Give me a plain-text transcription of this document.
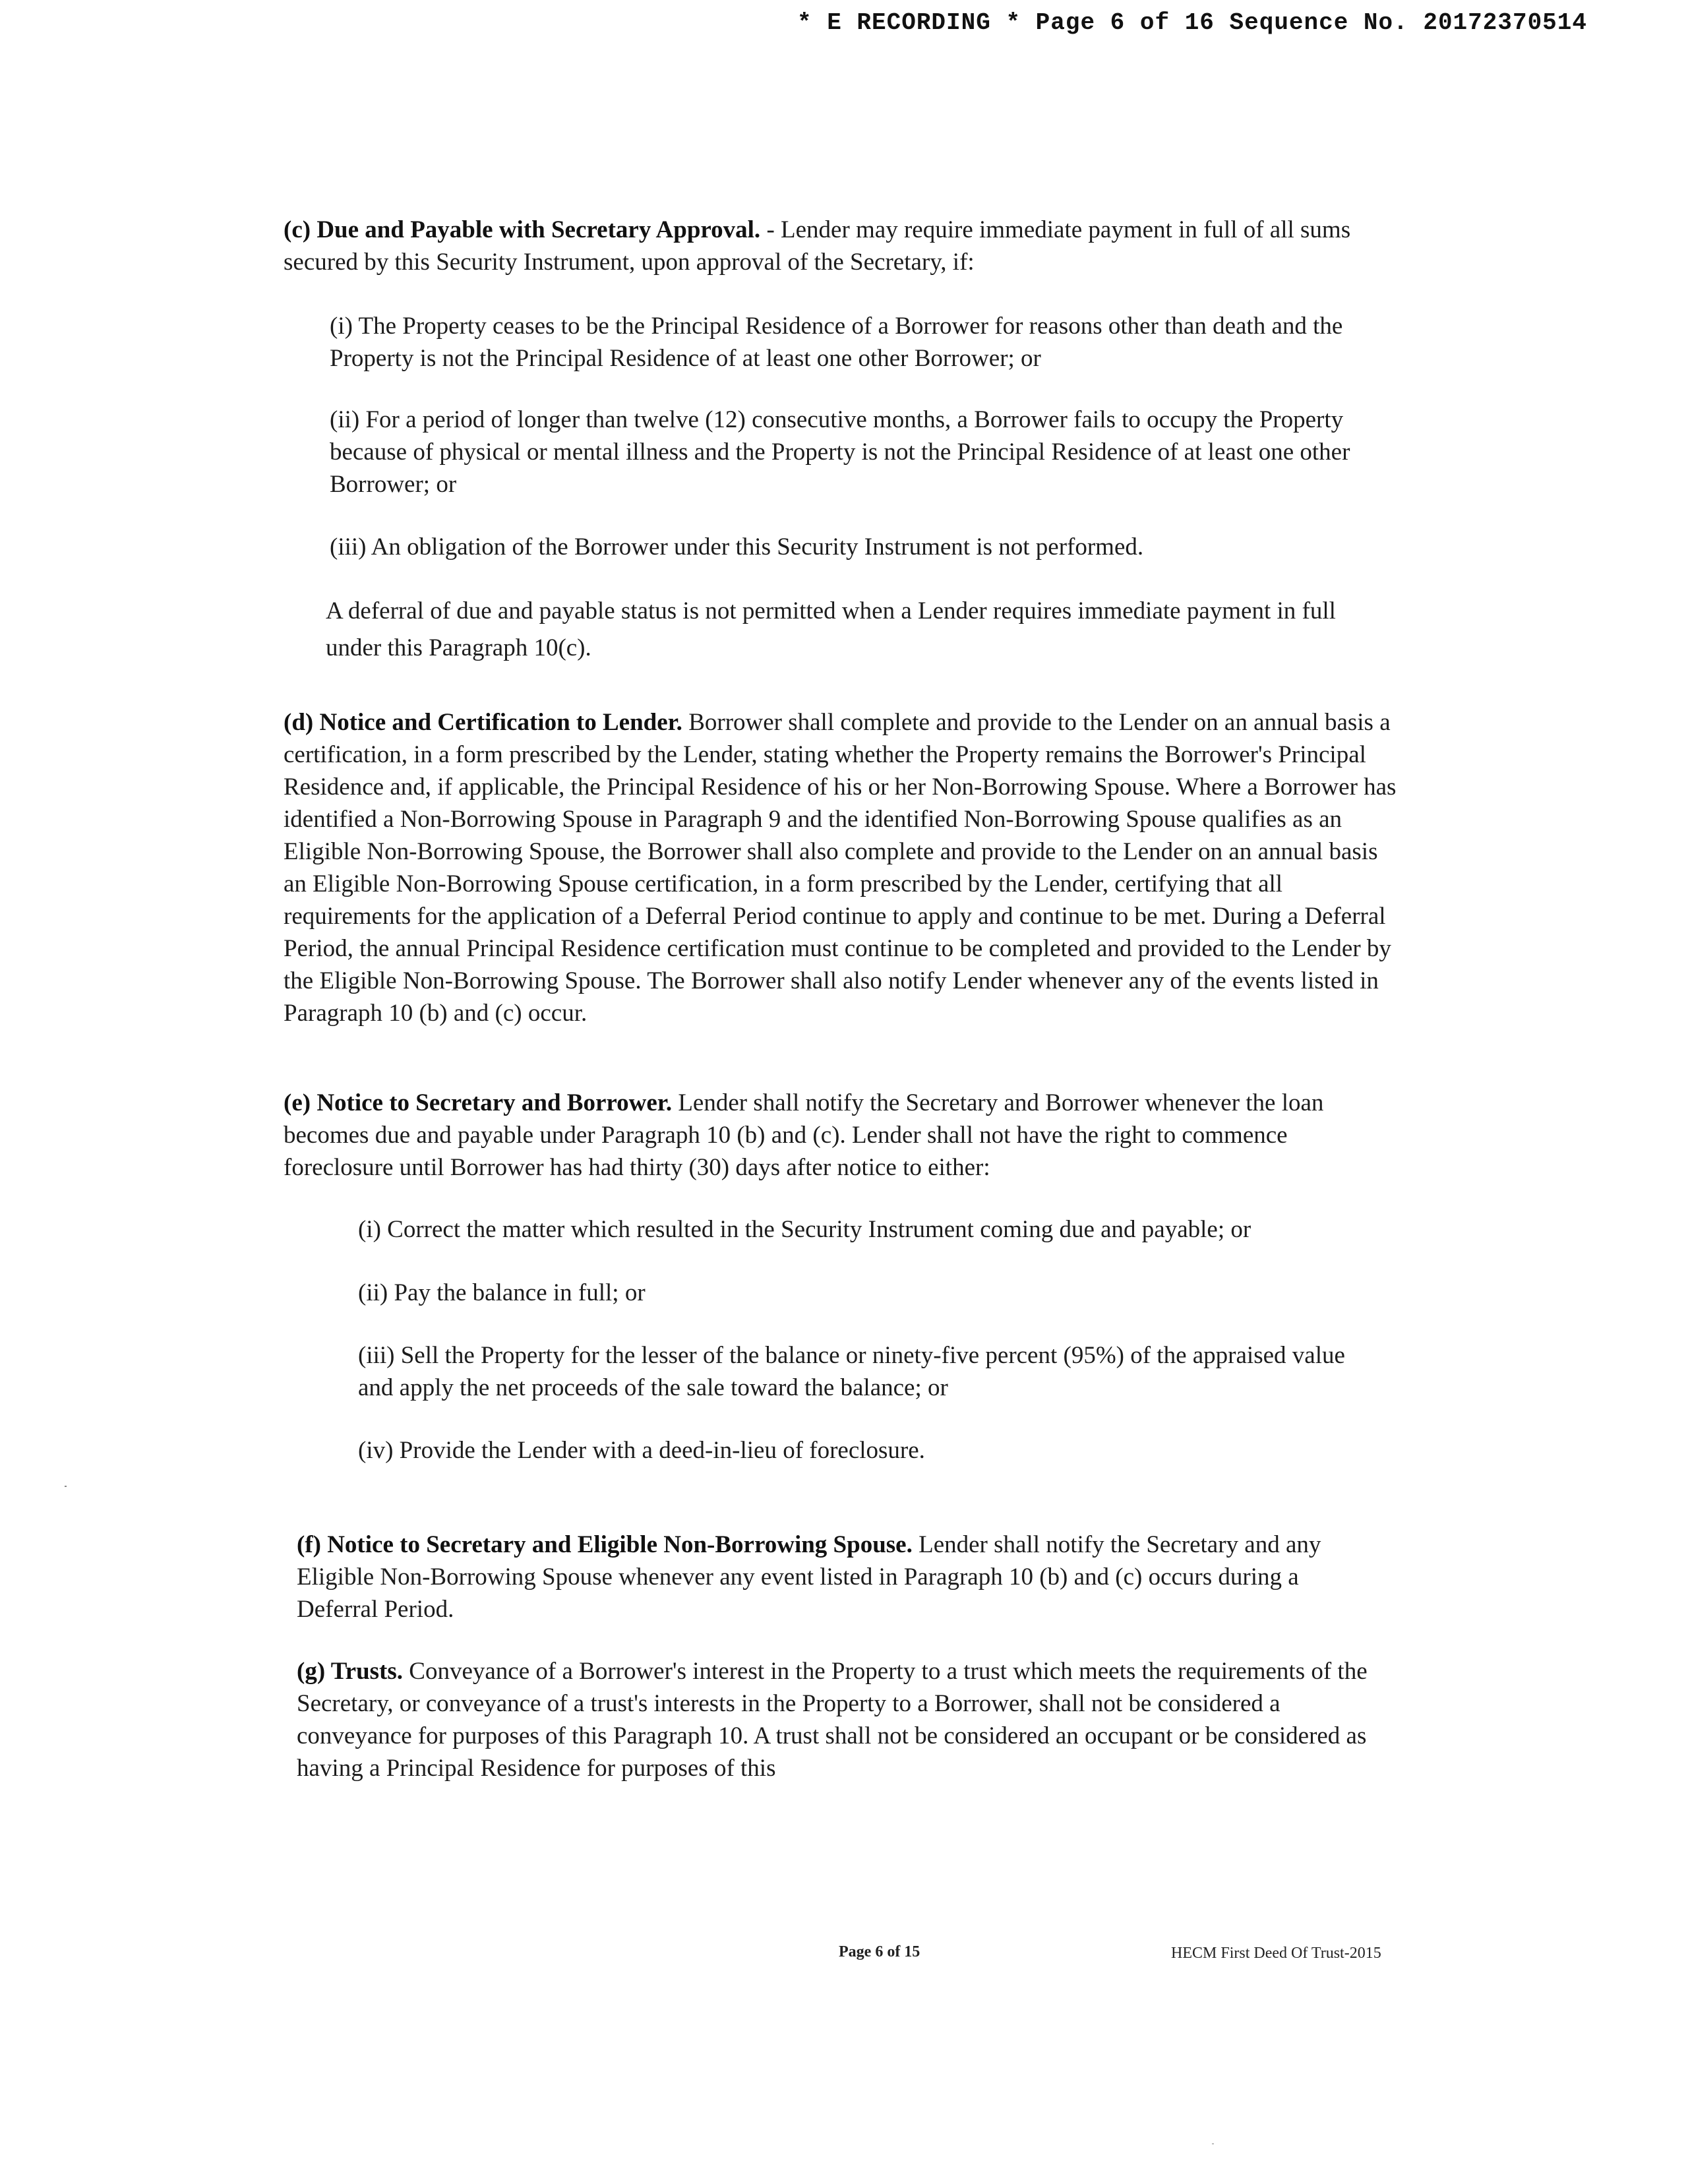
* E RECORDING * Page 6 of 16 Sequence No. 20172370514
(c) Due and Payable with Secretary Approval. - Lender may require immediate payment in full of all sums secured by this Security Instrument, upon approval of the Secretary, if:
(i) The Property ceases to be the Principal Residence of a Borrower for reasons other than death and the Property is not the Principal Residence of at least one other Borrower; or
(ii) For a period of longer than twelve (12) consecutive months, a Borrower fails to occupy the Property because of physical or mental illness and the Property is not the Principal Residence of at least one other Borrower; or
(iii) An obligation of the Borrower under this Security Instrument is not performed.
A deferral of due and payable status is not permitted when a Lender requires immediate payment in full under this Paragraph 10(c).
(d) Notice and Certification to Lender. Borrower shall complete and provide to the Lender on an annual basis a certification, in a form prescribed by the Lender, stating whether the Property remains the Borrower's Principal Residence and, if applicable, the Principal Residence of his or her Non-Borrowing Spouse. Where a Borrower has identified a Non-Borrowing Spouse in Paragraph 9 and the identified Non-Borrowing Spouse qualifies as an Eligible Non-Borrowing Spouse, the Borrower shall also complete and provide to the Lender on an annual basis an Eligible Non-Borrowing Spouse certification, in a form prescribed by the Lender, certifying that all requirements for the application of a Deferral Period continue to apply and continue to be met. During a Deferral Period, the annual Principal Residence certification must continue to be completed and provided to the Lender by the Eligible Non-Borrowing Spouse. The Borrower shall also notify Lender whenever any of the events listed in Paragraph 10 (b) and (c) occur.
(e) Notice to Secretary and Borrower. Lender shall notify the Secretary and Borrower whenever the loan becomes due and payable under Paragraph 10 (b) and (c). Lender shall not have the right to commence foreclosure until Borrower has had thirty (30) days after notice to either:
(i) Correct the matter which resulted in the Security Instrument coming due and payable; or
(ii) Pay the balance in full; or
(iii) Sell the Property for the lesser of the balance or ninety-five percent (95%) of the appraised value and apply the net proceeds of the sale toward the balance; or
(iv) Provide the Lender with a deed-in-lieu of foreclosure.
(f) Notice to Secretary and Eligible Non-Borrowing Spouse. Lender shall notify the Secretary and any Eligible Non-Borrowing Spouse whenever any event listed in Paragraph 10 (b) and (c) occurs during a Deferral Period.
(g) Trusts. Conveyance of a Borrower's interest in the Property to a trust which meets the requirements of the Secretary, or conveyance of a trust's interests in the Property to a Borrower, shall not be considered a conveyance for purposes of this Paragraph 10. A trust shall not be considered an occupant or be considered as having a Principal Residence for purposes of this
Page 6 of 15	HECM First Deed Of Trust-2015
